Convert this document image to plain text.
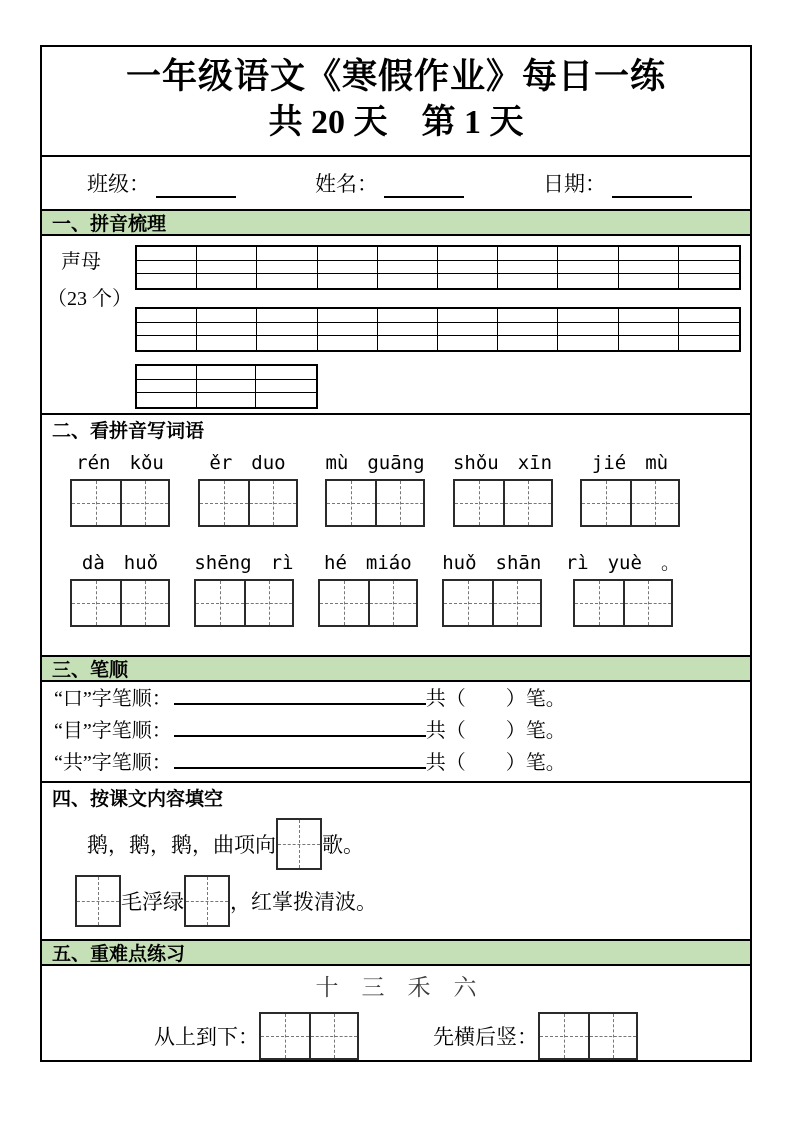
一年级语文《寒假作业》每日一练
共 20 天　第 1 天
班级：	姓名：	日期：
一、拼音梳理
声母
（23 个）
二、看拼音写词语
rén kǒu ěr duo mù guāng shǒu xīn jié mù
dà huǒ shēng rì hé miáo huǒ shān rì yuè 。
三、笔顺
“口”字笔顺：	共（　　）笔。
“目”字笔顺：	共（　　）笔。
“共”字笔顺：	共（　　）笔。
四、按课文内容填空
鹅，鹅，鹅，曲项向 歌。
毛浮绿 ，红掌拨清波。
五、重难点练习
十　三　禾　六
从上到下：	先横后竖：
